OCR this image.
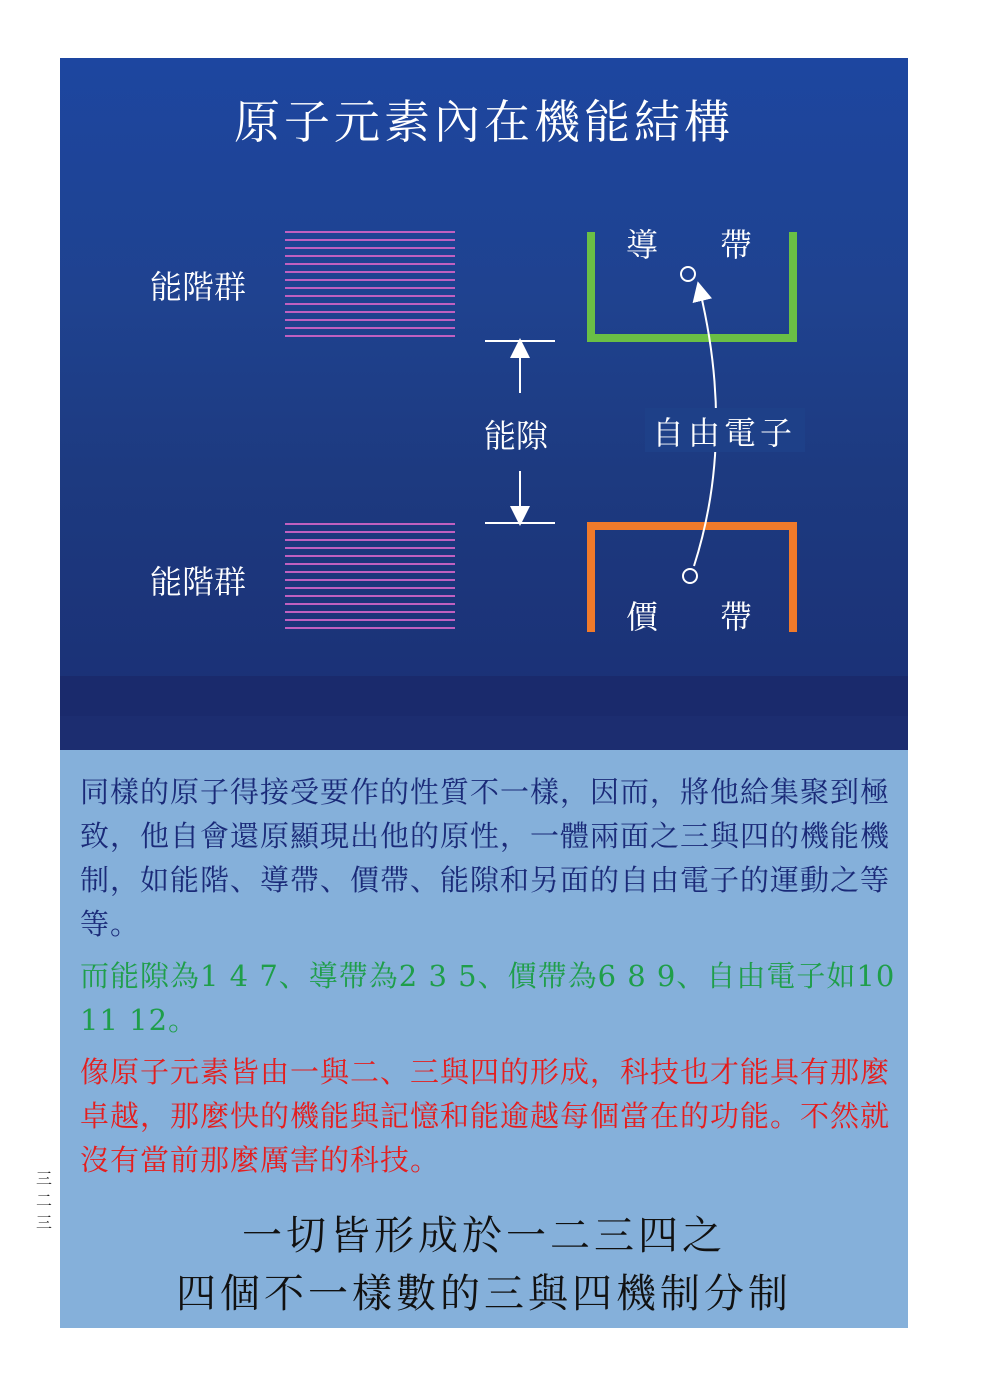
原子元素內在機能結構
能階群
能階群
能隙
導 帶
價 帶
自由電子

同樣的原子得接受要作的性質不一樣，因而，將他給集聚到極致，他自會還原顯現出他的原性，一體兩面之三與四的機能機制，如能階、導帶、價帶、能隙和另面的自由電子的運動之等等。

而能隙為1 4 7、導帶為2 3 5、價帶為6 8 9、自由電子如10 11 12。

像原子元素皆由一與二、三與四的形成，科技也才能具有那麼卓越，那麼快的機能與記憶和能逾越每個當在的功能。不然就沒有當前那麼厲害的科技。

一切皆形成於一二三四之
四個不一樣數的三與四機制分制
三
二
三
